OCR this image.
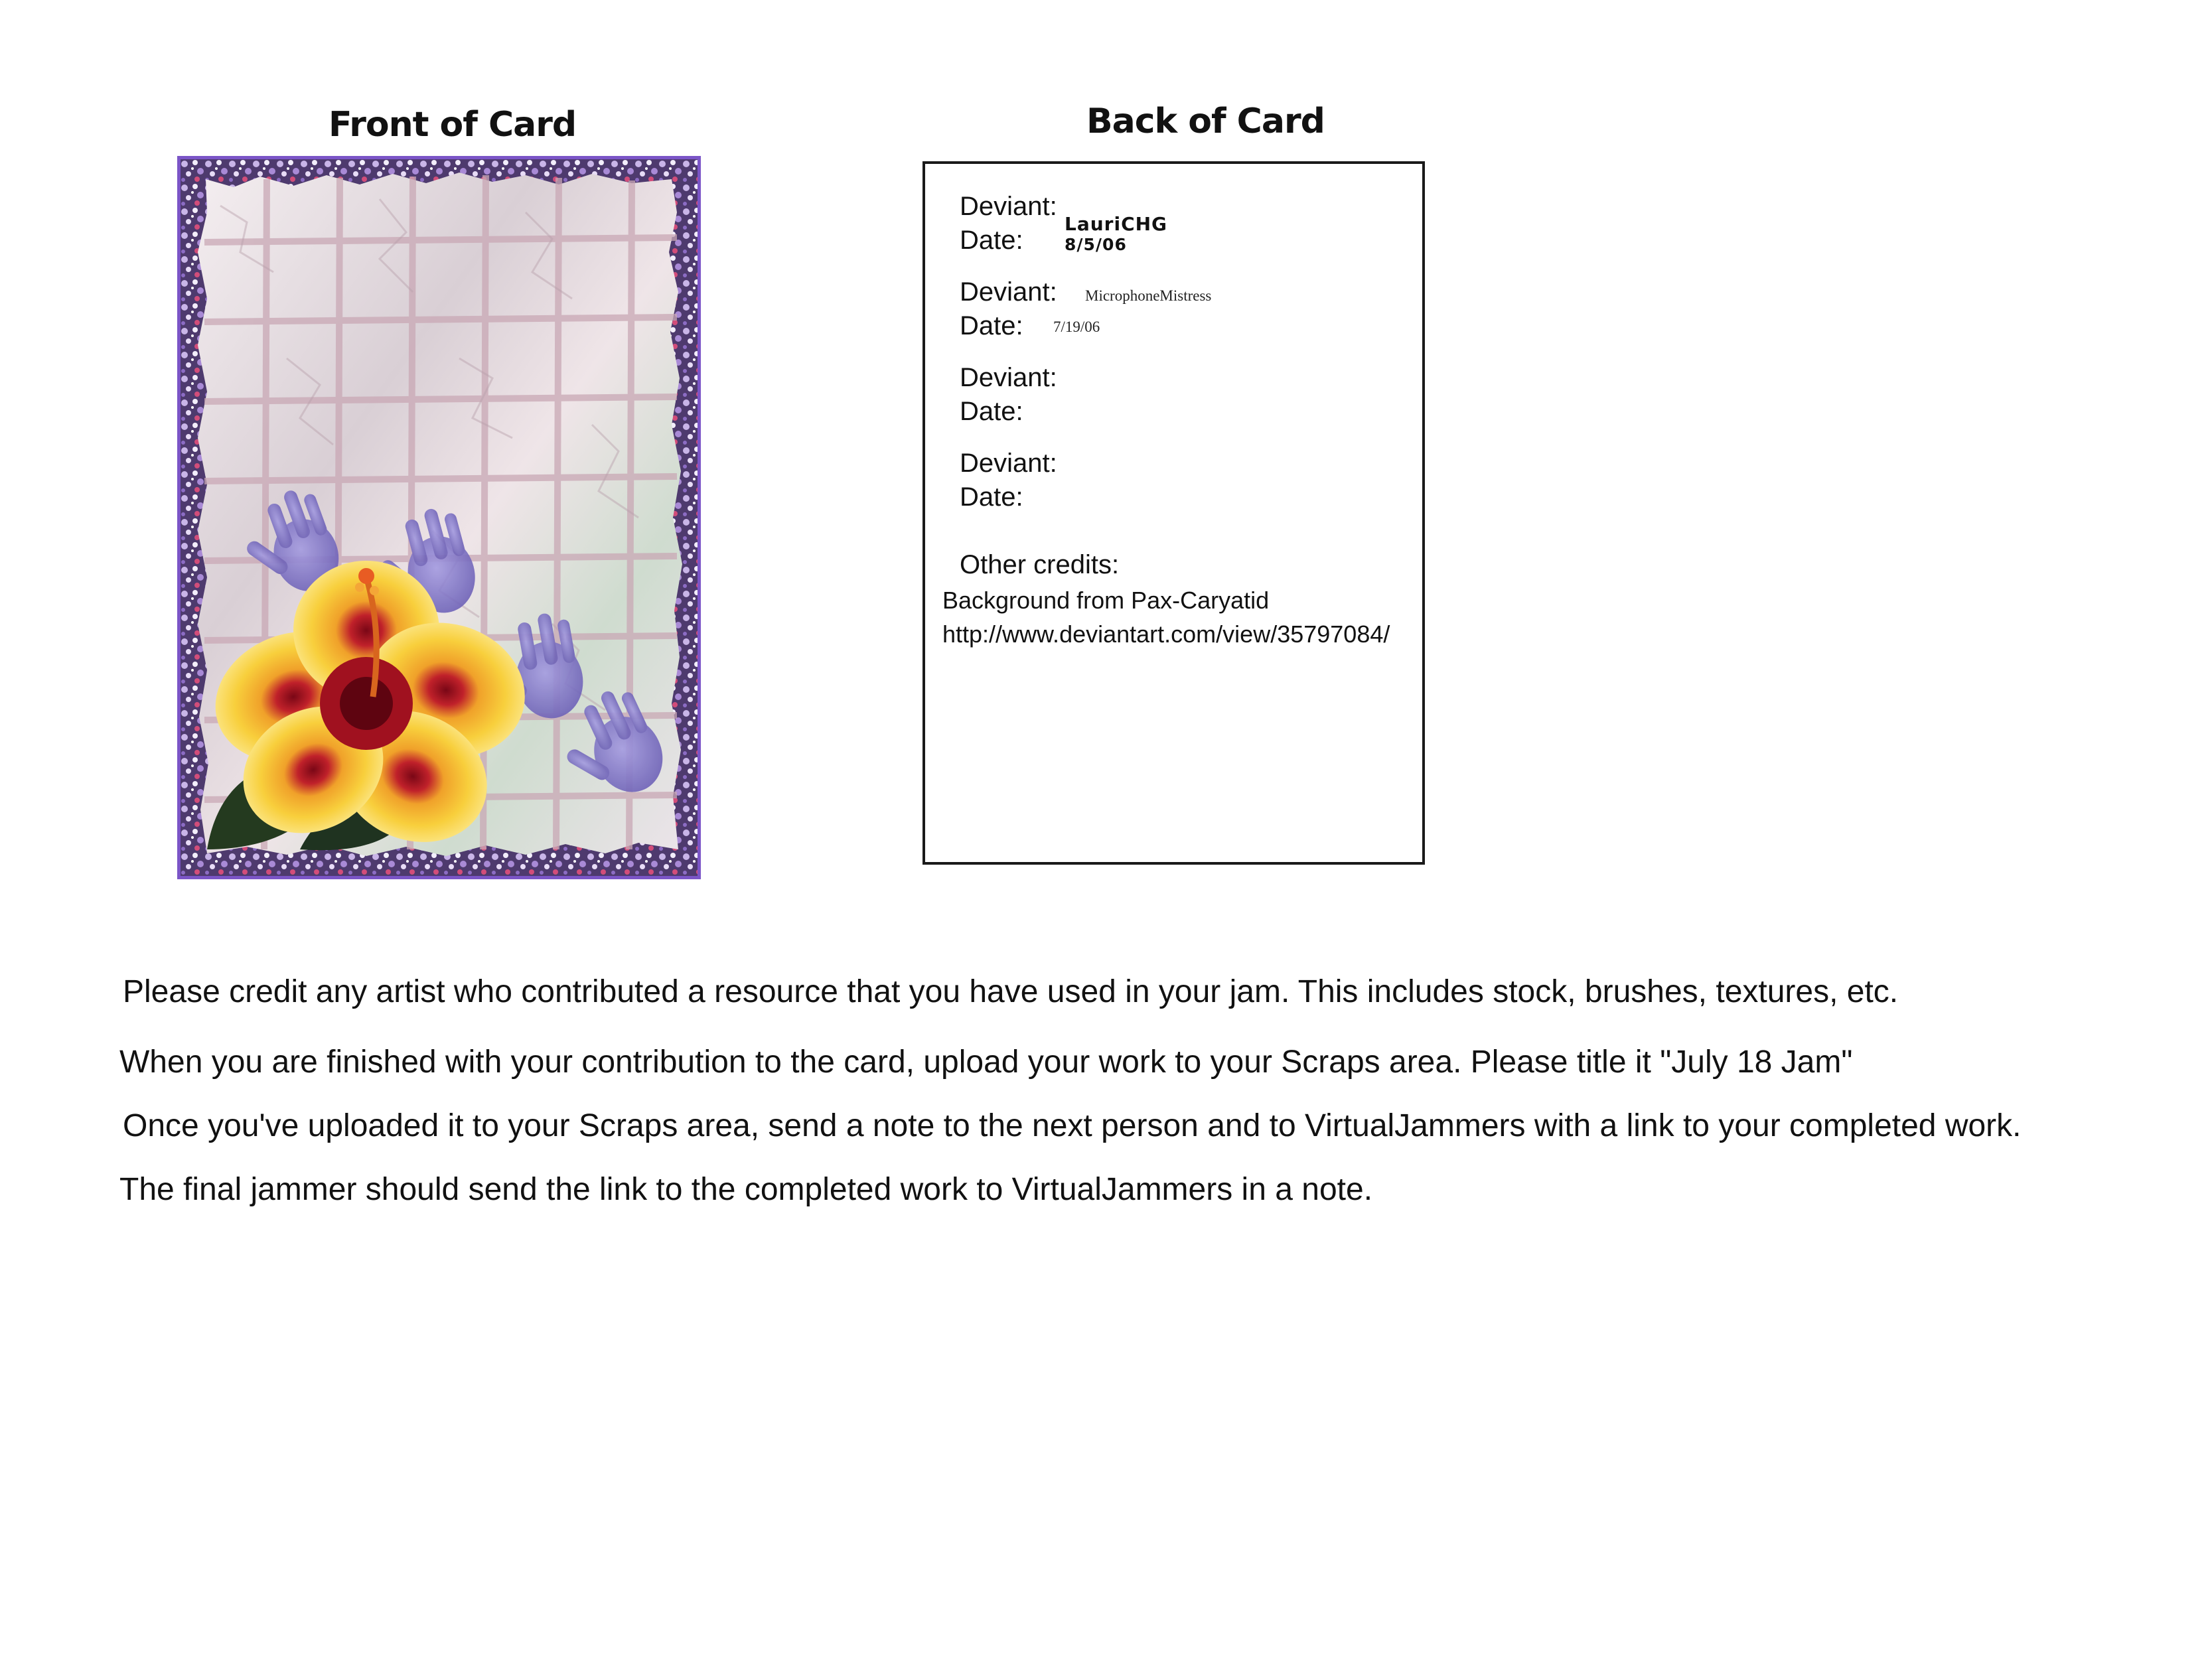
Front of Card	Back of Card
Deviant:
LauriCHG
Date: 8/5/06
Deviant: MicrophoneMistress
Date: 7/19/06
Deviant:
Date:
Deviant:
Date:
Other credits:
Background from Pax-Caryatid
http://www.deviantart.com/view/35797084/
Please credit any artist who contributed a resource that you have used in your jam. This includes stock, brushes, textures, etc.
When you are finished with your contribution to the card, upload your work to your Scraps area. Please title it "July 18 Jam"
Once you've uploaded it to your Scraps area, send a note to the next person and to VirtualJammers with a link to your completed work.
The final jammer should send the link to the completed work to VirtualJammers in a note.
